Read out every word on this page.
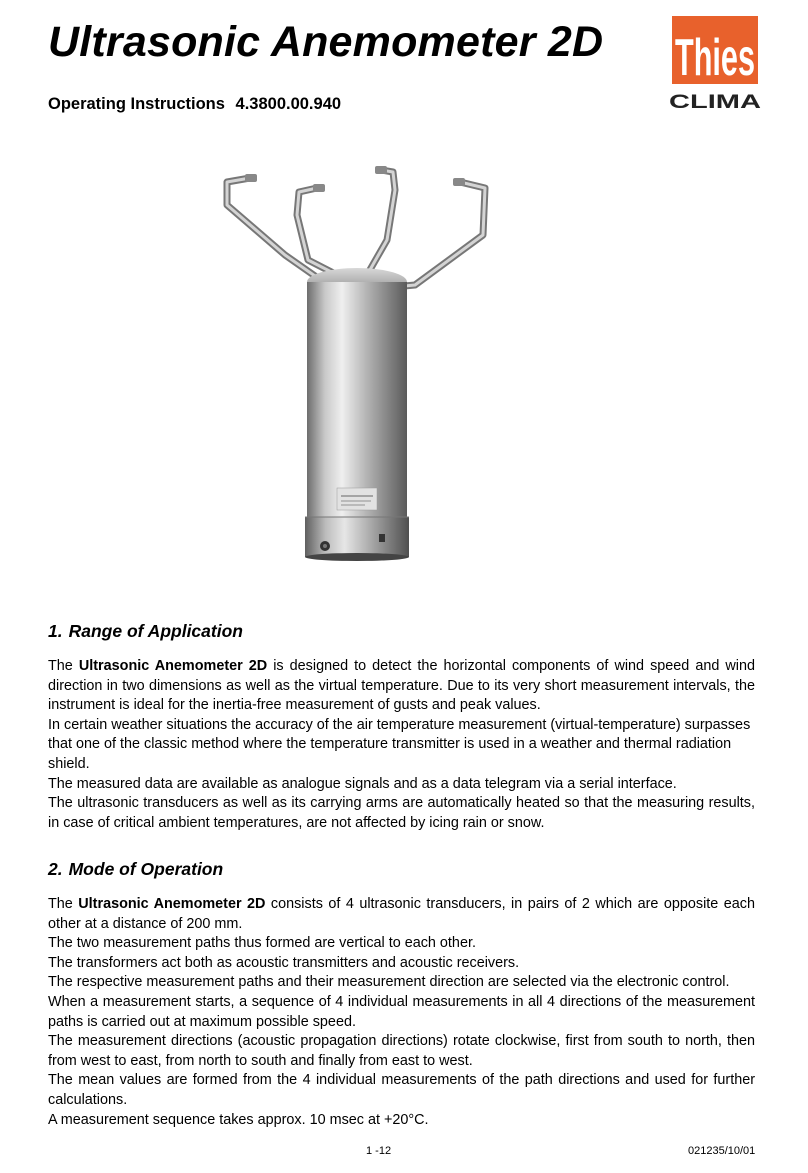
Ultrasonic Anemometer 2D
Operating Instructions 4.3800.00.940
Thies
CLIMA
1. Range of Application

The Ultrasonic Anemometer 2D is designed to detect the horizontal components of wind speed and wind direction in two dimensions as well as the virtual temperature. Due to its very short measurement intervals, the instrument is ideal for the inertia-free measurement of gusts and peak values.

In certain weather situations the accuracy of the air temperature measurement (virtual-temperature) surpasses that one of the classic method where the temperature transmitter is used in a weather and thermal radiation shield.

The measured data are available as analogue signals and as a data telegram via a serial interface.

The ultrasonic transducers as well as its carrying arms are automatically heated so that the measuring results, in case of critical ambient temperatures, are not affected by icing rain or snow.

2. Mode of Operation

The Ultrasonic Anemometer 2D consists of 4 ultrasonic transducers, in pairs of 2 which are opposite each other at a distance of 200 mm.

The two measurement paths thus formed are vertical to each other.

The transformers act both as acoustic transmitters and acoustic receivers.

The respective measurement paths and their measurement direction are selected via the electronic control.

When a measurement starts, a sequence of 4 individual measurements in all 4 directions of the measurement paths is carried out at maximum possible speed.

The measurement directions (acoustic propagation directions) rotate clockwise, first from south to north, then from west to east, from north to south and finally from east to west.

The mean values are formed from the 4 individual measurements of the path directions and used for further calculations.

A measurement sequence takes approx. 10 msec at +20°C.

1 -12	021235/10/01
